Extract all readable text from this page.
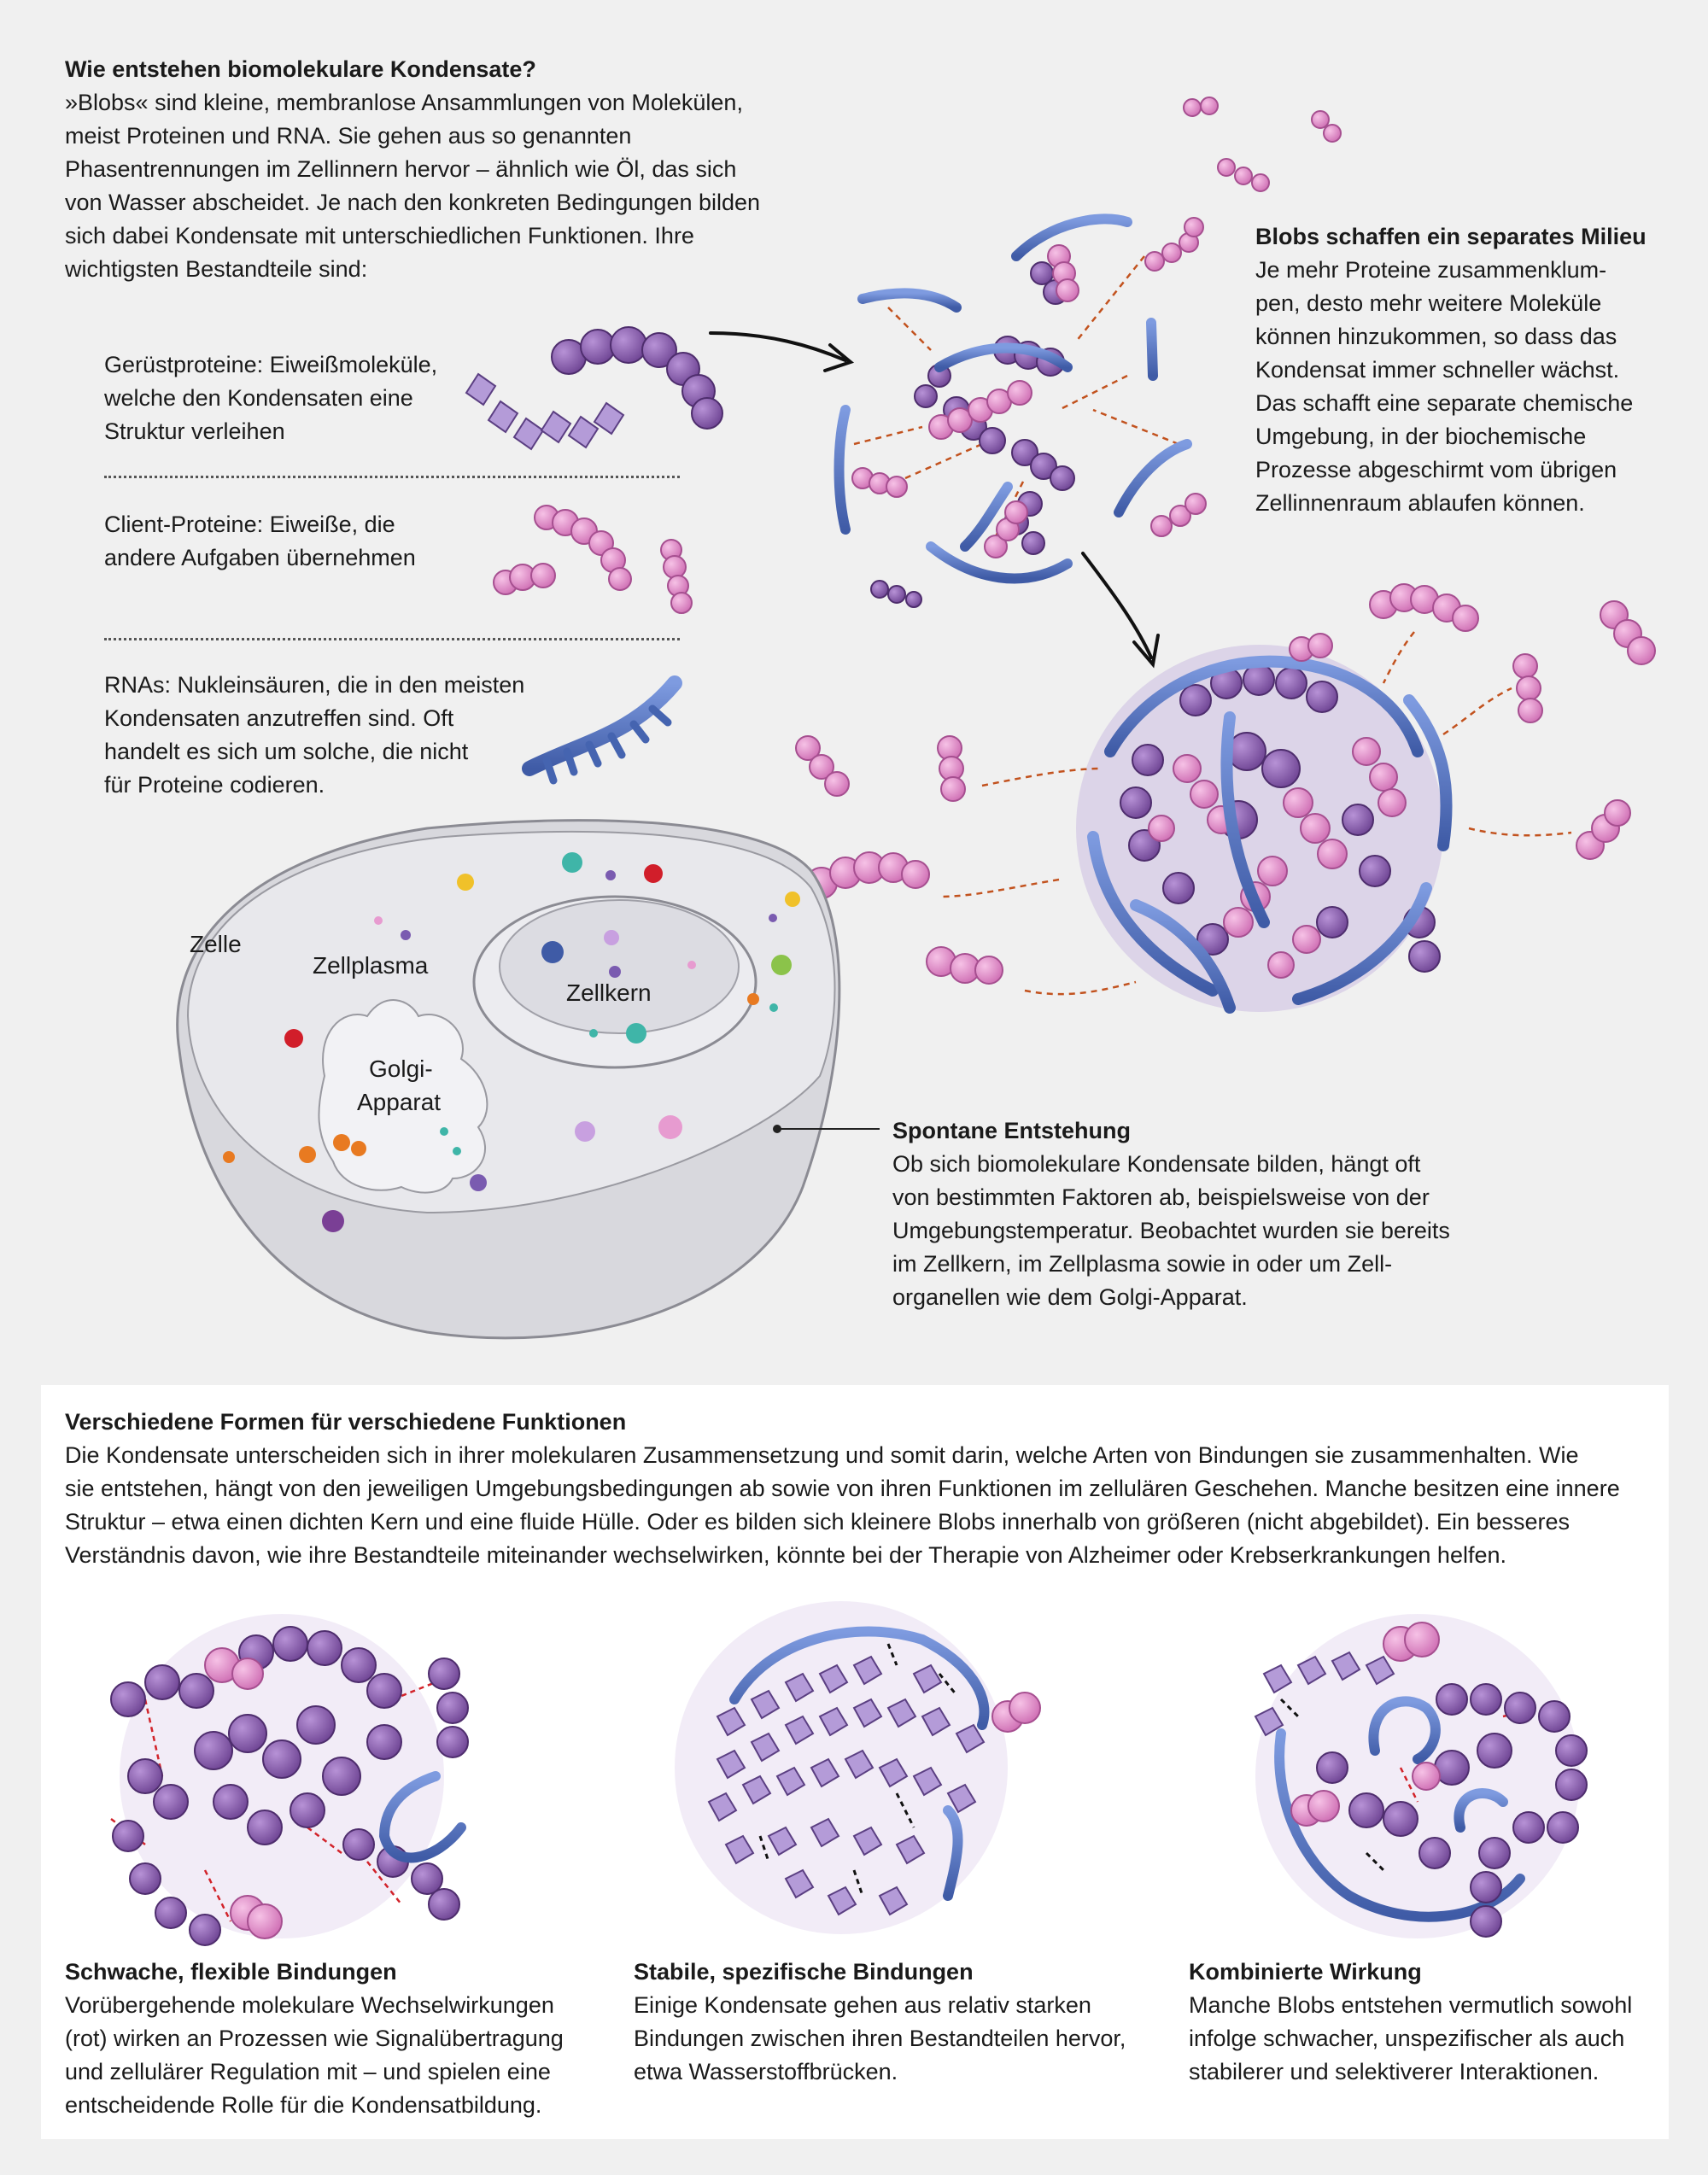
Wie entstehen biomolekulare Kondensate?
»Blobs« sind kleine, membranlose Ansammlungen von Molekülen,
meist Proteinen und RNA. Sie gehen aus so genannten
Phasentrennungen im Zellinnern hervor – ähnlich wie Öl, das sich
von Wasser abscheidet. Je nach den konkreten Bedingungen bilden
sich dabei Kondensate mit unterschiedlichen Funktionen. Ihre
wichtigsten Bestandteile sind:
Gerüstproteine: Eiweißmoleküle,
welche den Kondensaten eine
Struktur verleihen
Client-Proteine: Eiweiße, die
andere Aufgaben übernehmen
RNAs: Nukleinsäuren, die in den meisten
Kondensaten anzutreffen sind. Oft
handelt es sich um solche, die nicht
für Proteine codieren.
Zelle
Zellplasma
Zellkern
Golgi-
Apparat
Blobs schaffen ein separates Milieu
Je mehr Proteine zusammenklum-
pen, desto mehr weitere Moleküle
können hinzukommen, so dass das
Kondensat immer schneller wächst.
Das schafft eine separate chemische
Umgebung, in der biochemische
Prozesse abgeschirmt vom übrigen
Zellinnenraum ablaufen können.
Spontane Entstehung
Ob sich biomolekulare Kondensate bilden, hängt oft
von bestimmten Faktoren ab, beispielsweise von der
Umgebungstemperatur. Beobachtet wurden sie bereits
im Zellkern, im Zellplasma sowie in oder um Zell-
organellen wie dem Golgi-Apparat.
Verschiedene Formen für verschiedene Funktionen
Die Kondensate unterscheiden sich in ihrer molekularen Zusammensetzung und somit darin, welche Arten von Bindungen sie zusammenhalten. Wie
sie entstehen, hängt von den jeweiligen Umgebungsbedingungen ab sowie von ihren Funktionen im zellulären Geschehen. Manche besitzen eine innere
Struktur – etwa einen dichten Kern und eine fluide Hülle. Oder es bilden sich kleinere Blobs innerhalb von größeren (nicht abgebildet). Ein besseres
Verständnis davon, wie ihre Bestandteile miteinander wechselwirken, könnte bei der Therapie von Alzheimer oder Krebserkrankungen helfen.
Schwache, flexible Bindungen
Vorübergehende molekulare Wechselwirkungen
(rot) wirken an Prozessen wie Signalübertragung
und zellulärer Regulation mit – und spielen eine
entscheidende Rolle für die Kondensatbildung.
Stabile, spezifische Bindungen
Einige Kondensate gehen aus relativ starken
Bindungen zwischen ihren Bestandteilen hervor,
etwa Wasserstoffbrücken.
Kombinierte Wirkung
Manche Blobs entstehen vermutlich sowohl
infolge schwacher, unspezifischer als auch
stabilerer und selektiverer Interaktionen.
